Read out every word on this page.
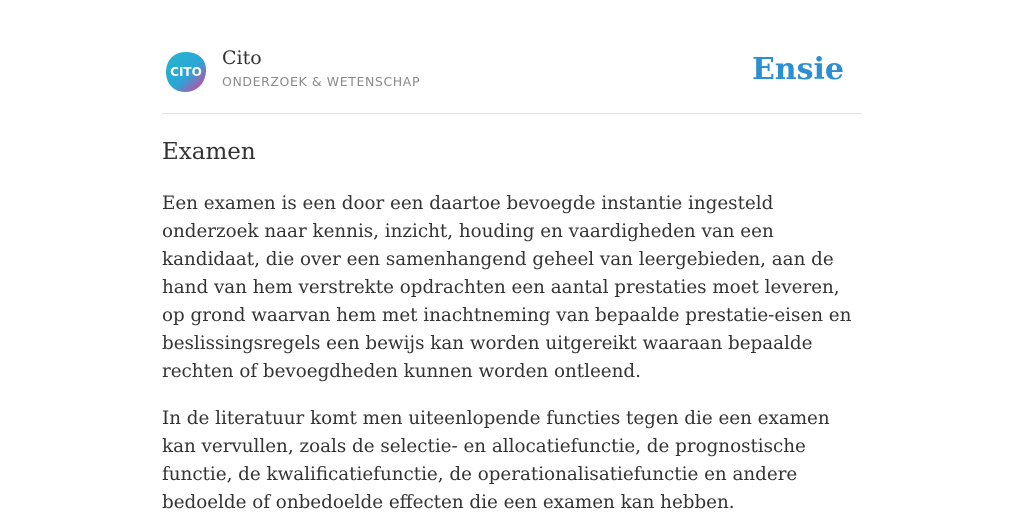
CITO
Cito
ONDERZOEK & WETENSCHAP	Ensie
Examen

Een examen is een door een daartoe bevoegde instantie ingesteld onderzoek naar kennis, inzicht, houding en vaardigheden van een kandidaat, die over een samenhangend geheel van leergebieden, aan de hand van hem verstrekte opdrachten een aantal prestaties moet leveren, op grond waarvan hem met inachtneming van bepaalde prestatie-eisen en beslissingsregels een bewijs kan worden uitgereikt waaraan bepaalde rechten of bevoegdheden kunnen worden ontleend.

In de literatuur komt men uiteenlopende functies tegen die een examen kan vervullen, zoals de selectie- en allocatiefunctie, de prognostische functie, de kwalificatiefunctie, de operationalisatiefunctie en andere bedoelde of onbedoelde effecten die een examen kan hebben.
